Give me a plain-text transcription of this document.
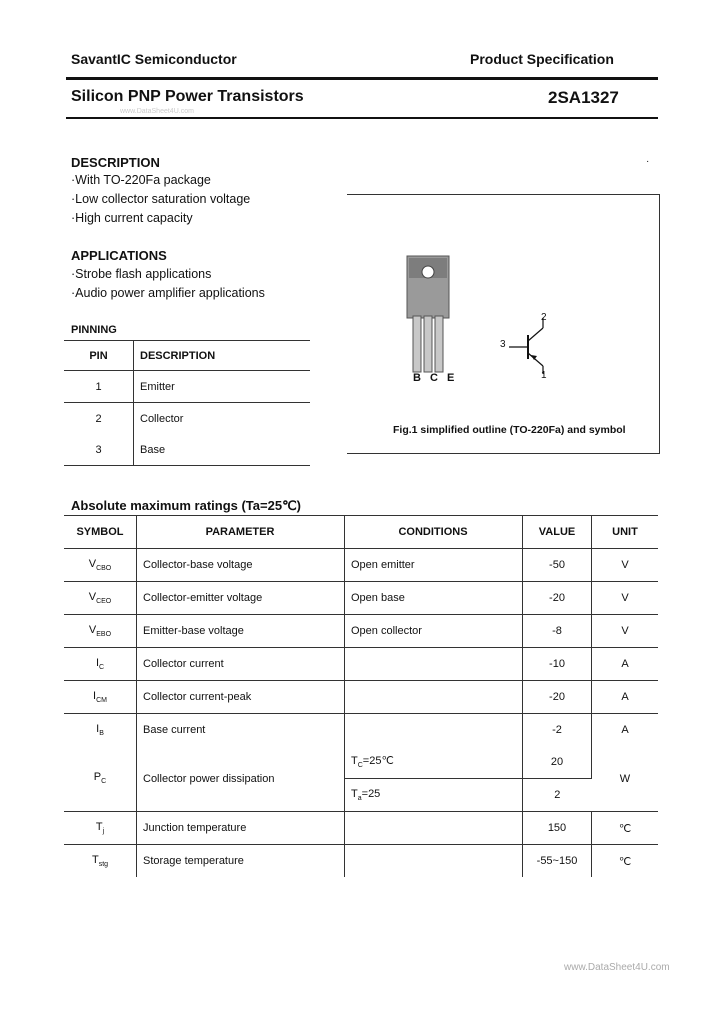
SavantIC Semiconductor	Product Specification
Silicon PNP Power Transistors	2SA1327
www.DataSheet4U.com
DESCRIPTION
·With TO-220Fa package
·Low collector saturation voltage
·High current capacity
·
APPLICATIONS
·Strobe flash applications
·Audio power amplifier applications
PINNING
PIN	DESCRIPTION
1	Emitter
2	Collector
3	Base
B C E
2
3
1
Fig.1 simplified outline (TO-220Fa) and symbol
Absolute maximum ratings (Ta=25℃)
SYMBOL	PARAMETER	CONDITIONS	VALUE	UNIT
$V_{CBO}$	Collector-base voltage	Open emitter	-50	V
$V_{CEO}$	Collector-emitter voltage	Open base	-20	V
$V_{EBO}$	Emitter-base voltage	Open collector	-8	V
$I_C$	Collector current		-10	A
$I_{CM}$	Collector current-peak		-20	A
$I_B$	Base current		-2	A
$P_C$	Collector power dissipation	$T_C=25℃$	20	W
		$T_a=25$	2	
$T_j$	Junction temperature		150	℃
$T_{stg}$	Storage temperature		-55~150	℃
www.DataSheet4U.com
